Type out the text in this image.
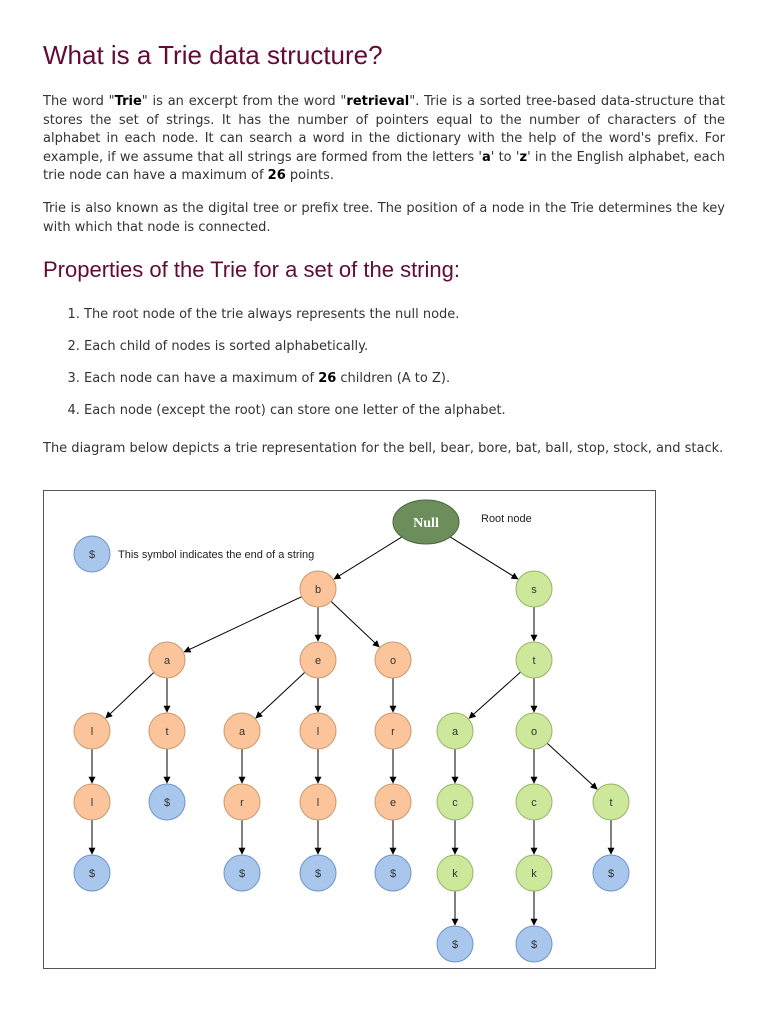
What is a Trie data structure?

The word "Trie" is an excerpt from the word "retrieval". Trie is a sorted tree-based data-structure that stores the set of strings. It has the number of pointers equal to the number of characters of the alphabet in each node. It can search a word in the dictionary with the help of the word's prefix. For example, if we assume that all strings are formed from the letters 'a' to 'z' in the English alphabet, each trie node can have a maximum of 26 points.

Trie is also known as the digital tree or prefix tree. The position of a node in the Trie determines the key with which that node is connected.

Properties of the Trie for a set of the string:
1. The root node of the trie always represents the null node.
2. Each child of nodes is sorted alphabetically.
3. Each node can have a maximum of 26 children (A to Z).
4. Each node (except the root) can store one letter of the alphabet.

The diagram below depicts a trie representation for the bell, bear, bore, bat, ball, stop, stock, and stack.

Null
b	s
a	e	o	t
l	t	a	l	r	a	o
l	$	r	l	e	c	c	t
$	$	$	$	k	k	$
$	$
$ This symbol indicates the end of a string
Root node
